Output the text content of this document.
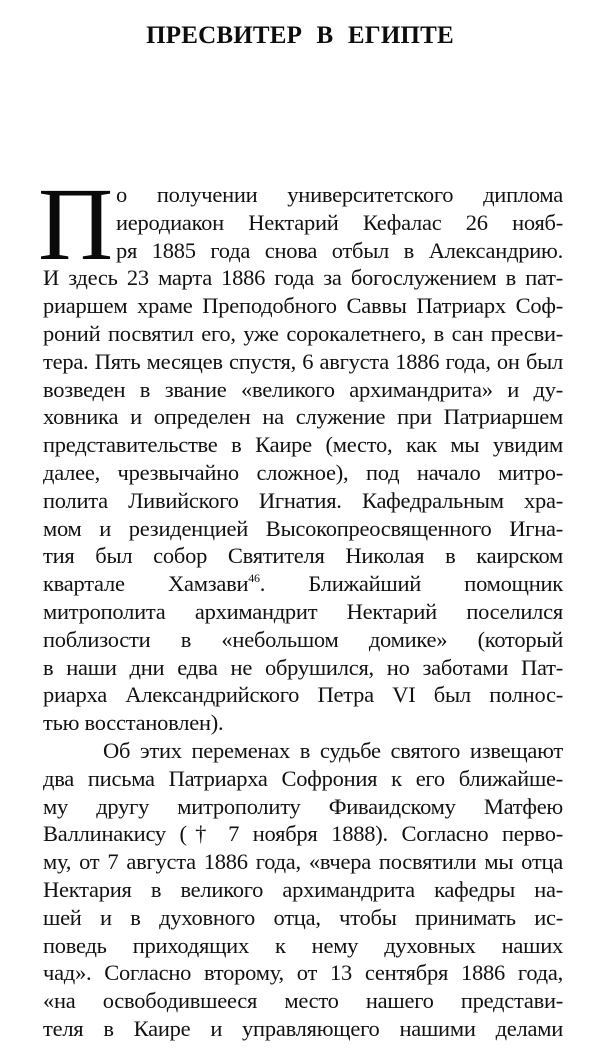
ПРЕСВИТЕР В ЕГИПТЕ
П о получении университетского диплома
иеродиакон Нектарий Кефалас 26 нояб-
ря 1885 года снова отбыл в Александрию.
И здесь 23 марта 1886 года за богослужением в пат-
риаршем храме Преподобного Саввы Патриарх Соф-
роний посвятил его, уже сорокалетнего, в сан пресви-
тера. Пять месяцев спустя, 6 августа 1886 года, он был
возведен в звание «великого архимандрита» и ду-
ховника и определен на служение при Патриаршем
представительстве в Каире (место, как мы увидим
далее, чрезвычайно сложное), под начало митро-
полита Ливийского Игнатия. Кафедральным хра-
мом и резиденцией Высокопреосвященного Игна-
тия был собор Святителя Николая в каирском
квартале Хамзави$^{46}$. Ближайший помощник
митрополита архимандрит Нектарий поселился
поблизости в «небольшом домике» (который
в наши дни едва не обрушился, но заботами Пат-
риарха Александрийского Петра VI был полнос-
тью восстановлен).
Об этих переменах в судьбе святого извещают
два письма Патриарха Софрония к его ближайше-
му другу митрополиту Фиваидскому Матфею
Валлинакису († 7 ноября 1888). Согласно перво-
му, от 7 августа 1886 года, «вчера посвятили мы отца
Нектария в великого архимандрита кафедры на-
шей и в духовного отца, чтобы принимать ис-
поведь приходящих к нему духовных наших
чад». Согласно второму, от 13 сентября 1886 года,
«на освободившееся место нашего представи-
теля в Каире и управляющего нашими делами
